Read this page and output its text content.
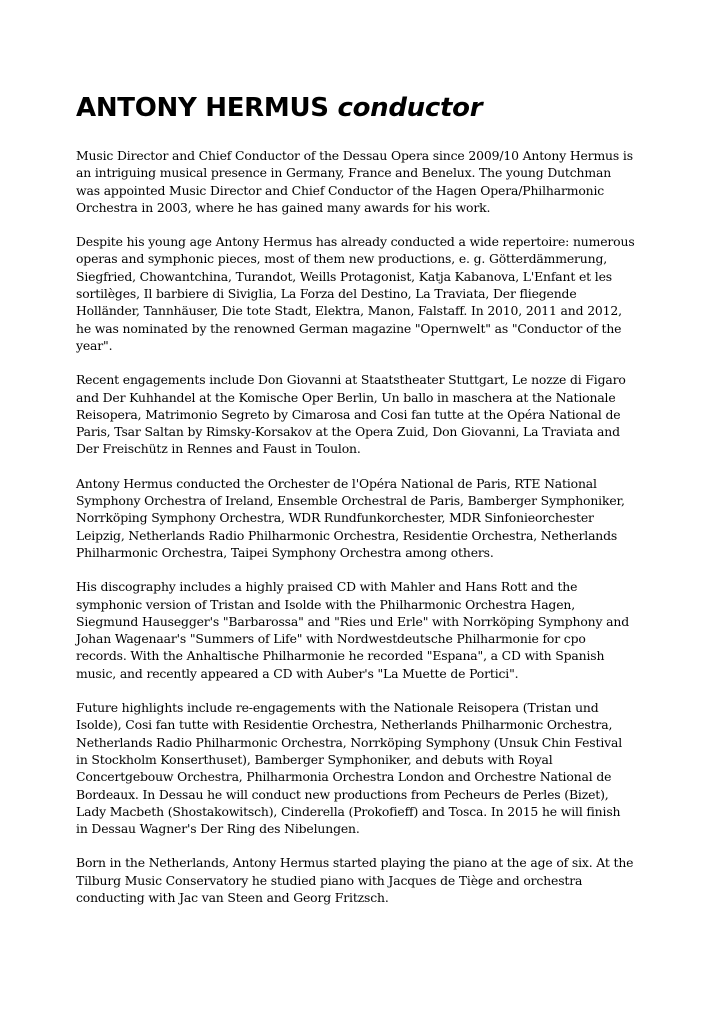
ANTONY HERMUS conductor

Music Director and Chief Conductor of the Dessau Opera since 2009/10 Antony Hermus is
an intriguing musical presence in Germany, France and Benelux. The young Dutchman
was appointed Music Director and Chief Conductor of the Hagen Opera/Philharmonic
Orchestra in 2003, where he has gained many awards for his work.

Despite his young age Antony Hermus has already conducted a wide repertoire: numerous
operas and symphonic pieces, most of them new productions, e. g. Götterdämmerung,
Siegfried, Chowantchina, Turandot, Weills Protagonist, Katja Kabanova, L'Enfant et les
sortilèges, Il barbiere di Siviglia, La Forza del Destino, La Traviata, Der fliegende
Holländer, Tannhäuser, Die tote Stadt, Elektra, Manon, Falstaff. In 2010, 2011 and 2012,
he was nominated by the renowned German magazine "Opernwelt" as "Conductor of the
year".

Recent engagements include Don Giovanni at Staatstheater Stuttgart, Le nozze di Figaro
and Der Kuhhandel at the Komische Oper Berlin, Un ballo in maschera at the Nationale
Reisopera, Matrimonio Segreto by Cimarosa and Cosi fan tutte at the Opéra National de
Paris, Tsar Saltan by Rimsky-Korsakov at the Opera Zuid, Don Giovanni, La Traviata and
Der Freischütz in Rennes and Faust in Toulon.

Antony Hermus conducted the Orchester de l'Opéra National de Paris, RTE National
Symphony Orchestra of Ireland, Ensemble Orchestral de Paris, Bamberger Symphoniker,
Norrköping Symphony Orchestra, WDR Rundfunkorchester, MDR Sinfonieorchester
Leipzig, Netherlands Radio Philharmonic Orchestra, Residentie Orchestra, Netherlands
Philharmonic Orchestra, Taipei Symphony Orchestra among others.

His discography includes a highly praised CD with Mahler and Hans Rott and the
symphonic version of Tristan and Isolde with the Philharmonic Orchestra Hagen,
Siegmund Hausegger's "Barbarossa" and "Ries und Erle" with Norrköping Symphony and
Johan Wagenaar's "Summers of Life" with Nordwestdeutsche Philharmonie for cpo
records. With the Anhaltische Philharmonie he recorded "Espana", a CD with Spanish
music, and recently appeared a CD with Auber's "La Muette de Portici".

Future highlights include re-engagements with the Nationale Reisopera (Tristan und
Isolde), Cosi fan tutte with Residentie Orchestra, Netherlands Philharmonic Orchestra,
Netherlands Radio Philharmonic Orchestra, Norrköping Symphony (Unsuk Chin Festival
in Stockholm Konserthuset), Bamberger Symphoniker, and debuts with Royal
Concertgebouw Orchestra, Philharmonia Orchestra London and Orchestre National de
Bordeaux. In Dessau he will conduct new productions from Pecheurs de Perles (Bizet),
Lady Macbeth (Shostakowitsch), Cinderella (Prokofieff) and Tosca. In 2015 he will finish
in Dessau Wagner's Der Ring des Nibelungen.

Born in the Netherlands, Antony Hermus started playing the piano at the age of six. At the
Tilburg Music Conservatory he studied piano with Jacques de Tiège and orchestra
conducting with Jac van Steen and Georg Fritzsch.
